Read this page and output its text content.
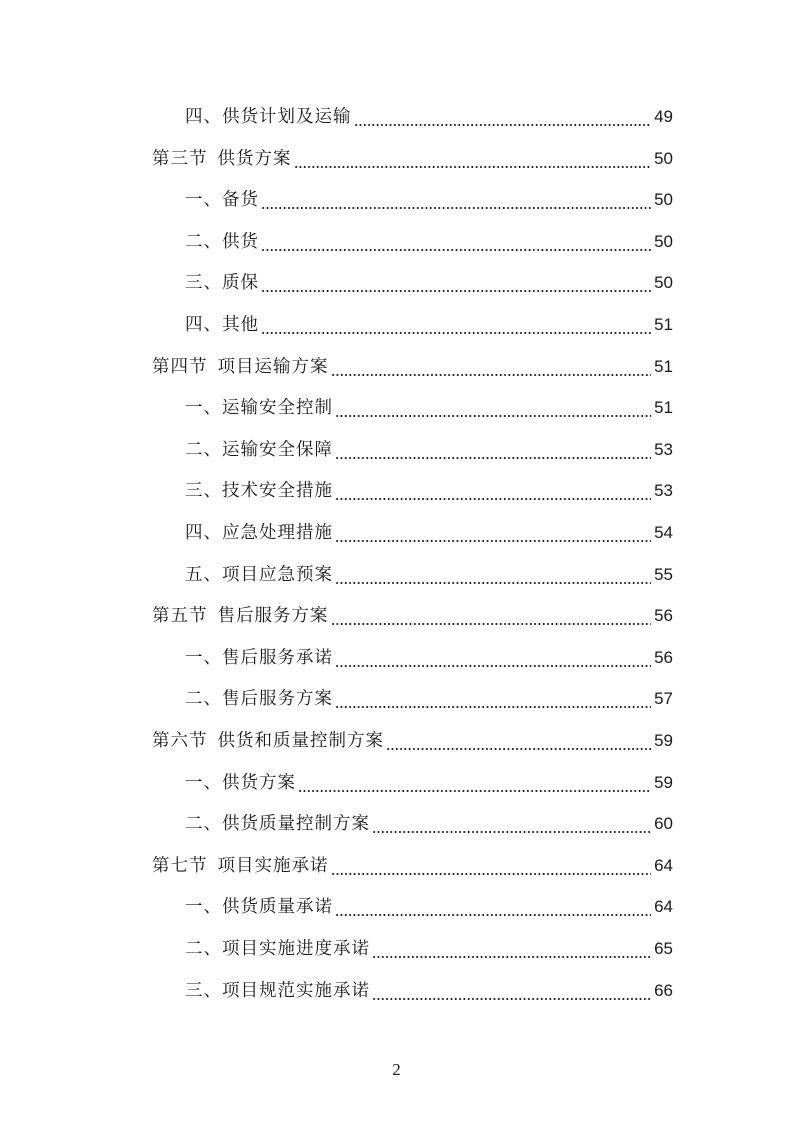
四、供货计划及运输	49
第三节 供货方案	50
一、备货	50
二、供货	50
三、质保	50
四、其他	51
第四节 项目运输方案	51
一、运输安全控制	51
二、运输安全保障	53
三、技术安全措施	53
四、应急处理措施	54
五、项目应急预案	55
第五节 售后服务方案	56
一、售后服务承诺	56
二、售后服务方案	57
第六节 供货和质量控制方案	59
一、供货方案	59
二、供货质量控制方案	60
第七节 项目实施承诺	64
一、供货质量承诺	64
二、项目实施进度承诺	65
三、项目规范实施承诺	66
2
